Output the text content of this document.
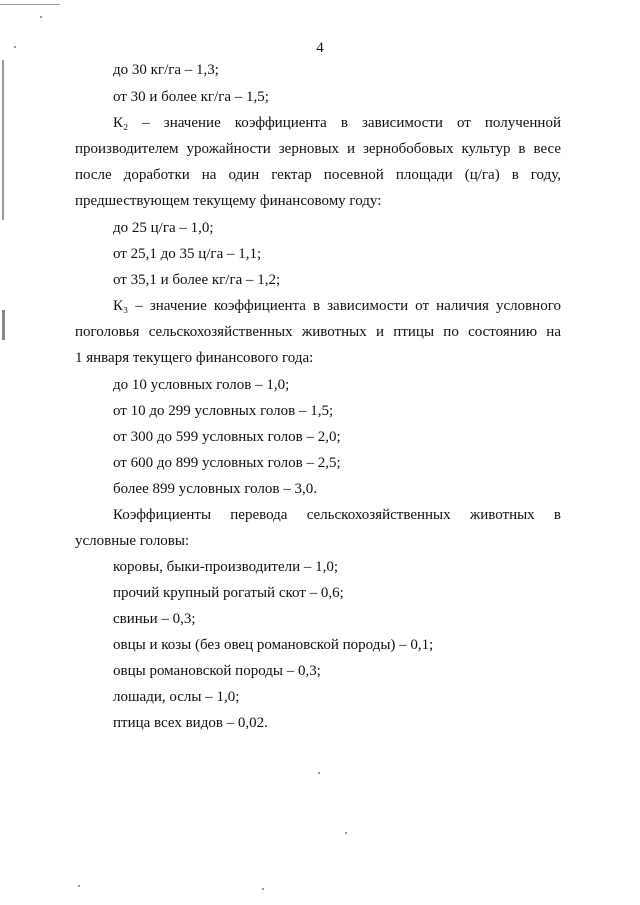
4
до 30 кг/га – 1,3;
от 30 и более кг/га – 1,5;
К₂ – значение коэффициента в зависимости от полученной
производителем урожайности зерновых и зернобобовых культур в весе
после доработки на один гектар посевной площади (ц/га) в году,
предшествующем текущему финансовому году:
до 25 ц/га – 1,0;
от 25,1 до 35 ц/га – 1,1;
от 35,1 и более кг/га – 1,2;
К₃ – значение коэффициента в зависимости от наличия условного
поголовья сельскохозяйственных животных и птицы по состоянию на
1 января текущего финансового года:
до 10 условных голов – 1,0;
от 10 до 299 условных голов – 1,5;
от 300 до 599 условных голов – 2,0;
от 600 до 899 условных голов – 2,5;
более 899 условных голов – 3,0.
Коэффициенты перевода сельскохозяйственных животных в
условные головы:
коровы, быки-производители – 1,0;
прочий крупный рогатый скот – 0,6;
свиньи – 0,3;
овцы и козы (без овец романовской породы) – 0,1;
овцы романовской породы – 0,3;
лошади, ослы – 1,0;
птица всех видов – 0,02.
